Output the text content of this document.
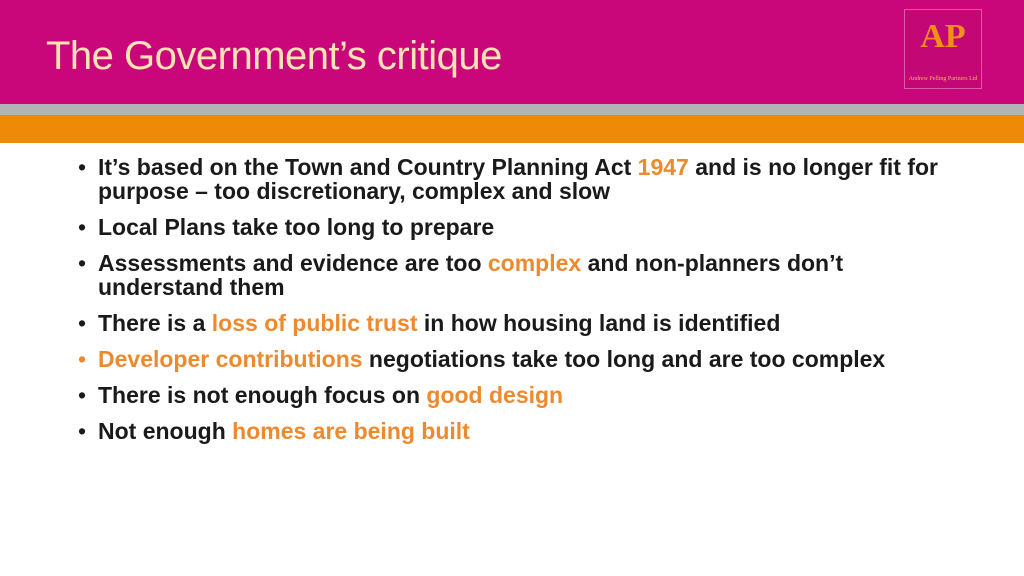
The Government’s critique	AP
Andrew Pelling Partners Ltd
• It’s based on the Town and Country Planning Act 1947 and is no longer fit for purpose – too discretionary, complex and slow
• Local Plans take too long to prepare
• Assessments and evidence are too complex and non-planners don’t understand them
• There is a loss of public trust in how housing land is identified
• Developer contributions negotiations take too long and are too complex
• There is not enough focus on good design
• Not enough homes are being built
